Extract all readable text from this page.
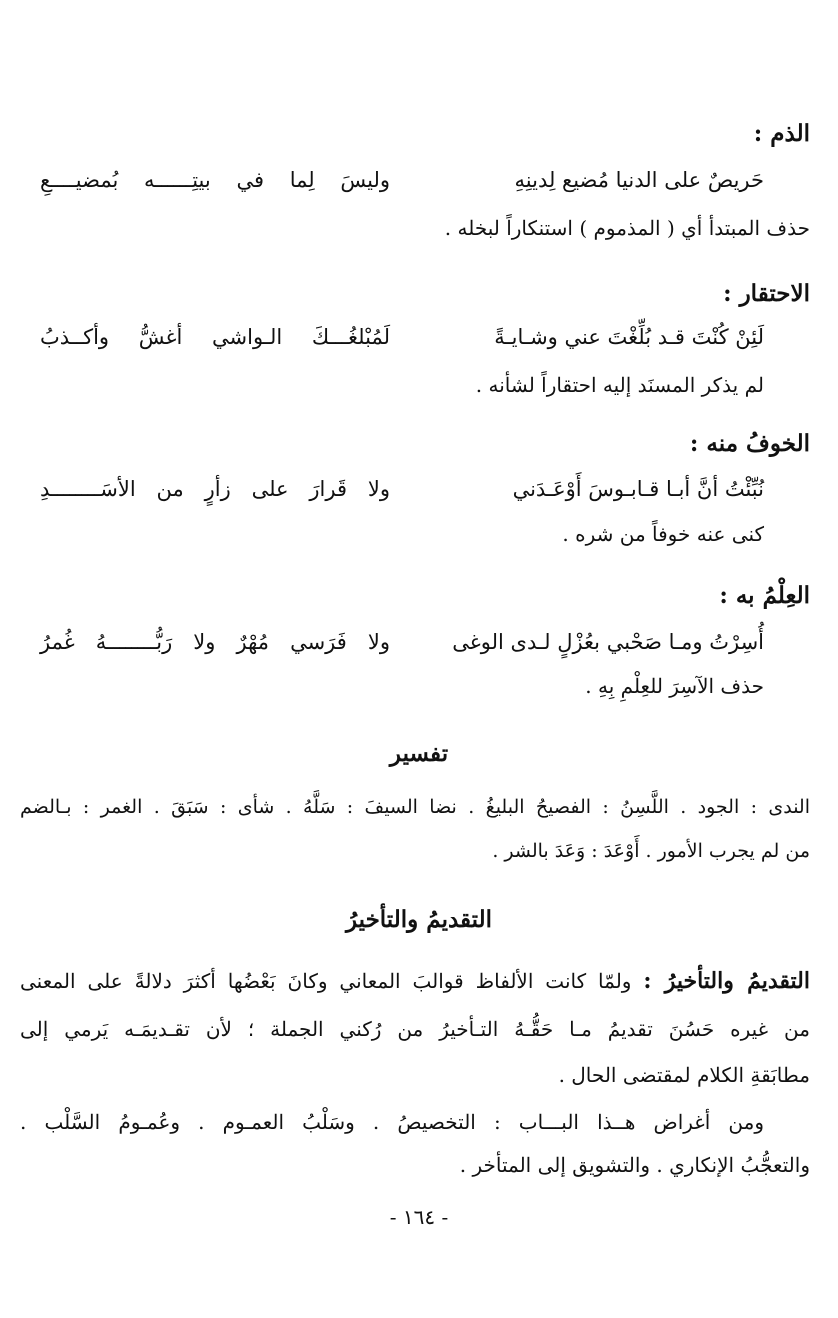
الذم :
حَريصٌ على الدنيا مُضيع لِدينِهِ
وليسَ لِما في بيتِــــــه بُمضيــــعِ
حذف المبتدأ أي ( المذموم ) استنكاراً لبخله .
الاحتقار :
لَئِنْ كُنْتَ قـد بُلِّغْتَ عني وشـايـةً
لَمُبْلغُـــكَ الـواشي أغشُّ وأكــذبُ
لم يذكر المسنَد إليه احتقاراً لشأنه .
الخوفُ منه :
نُبِّئْتُ أنَّ أبـا قـابـوسَ أَوْعَـدَني
ولا قَرارَ على زأرٍ من الأسَــــــــدِ
كنى عنه خوفاً من شره .
العِلْمُ به :
أُسِرْتُ ومـا صَحْبي بعُزْلٍ لـدى الوغى
ولا فَرَسي مُهْرٌ ولا رَبُّــــــــهُ غُمرُ
حذف الآسِرَ للعِلْمِ بِهِ .
تفسير
الندى : الجود . اللَّسِنُ : الفصيحُ البليغُ . نضا السيفَ : سَلَّهُ . شأى : سَبَقَ . الغمر : بـالضم
من لم يجرب الأمور . أَوْعَدَ : وَعَدَ بالشر .
التقديمُ والتأخيرُ
التقديمُ والتأخيرُ : ولمّا كانت الألفاظ قوالبَ المعاني وكانَ بَعْضُها أكثرَ دلالةً على المعنى
من غيره حَسُنَ تقديمُ مـا حَقُّـهُ التـأخيرُ من رُكني الجملة ؛ لأن تقـديمَـه يَرمي إلى
مطابَقةِ الكلام لمقتضى الحال .
ومن أغراض هــذا البـــاب : التخصيصُ . وسَلْبُ العمـوم . وعُمـومُ السَّلْب .
والتعجُّبُ الإنكاري . والتشويق إلى المتأخر .
- ١٦٤ -
